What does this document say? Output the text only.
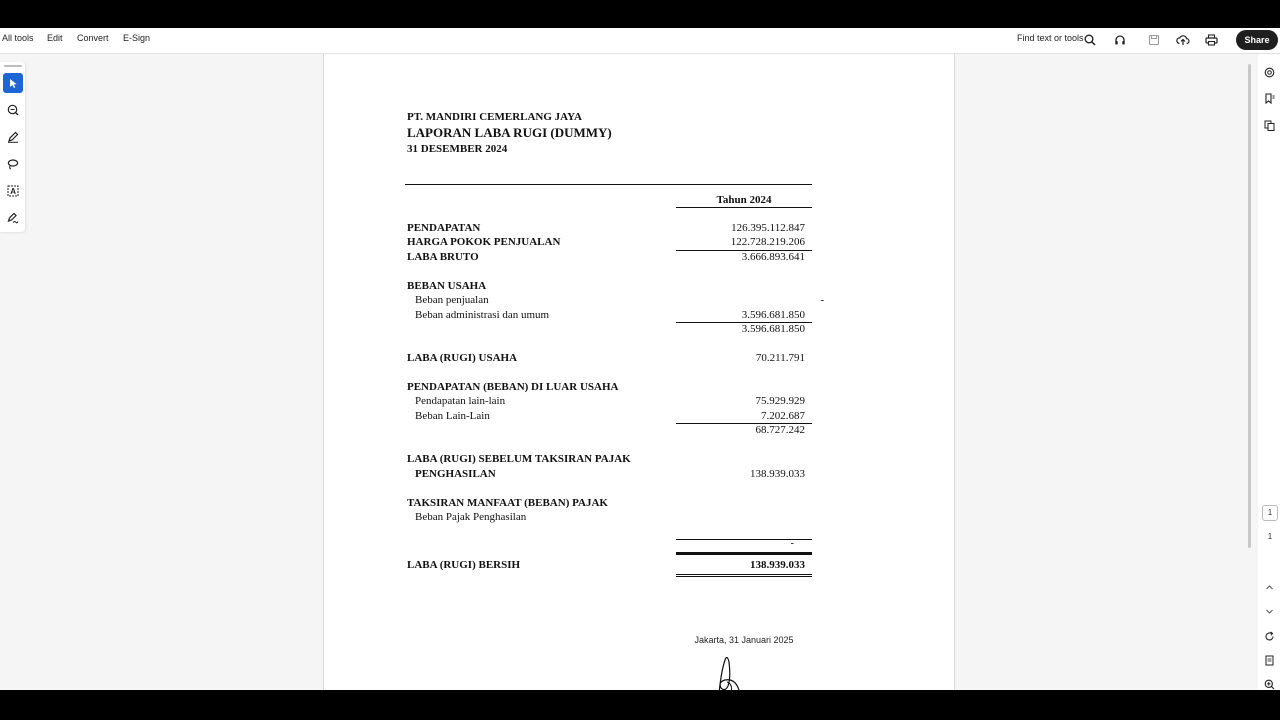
All tools Edit Convert E-Sign	Find text or tools	Share
A
PT. MANDIRI CEMERLANG JAYA
LAPORAN LABA RUGI (DUMMY)
31 DESEMBER 2024
Tahun 2024
PENDAPATAN	126.395.112.847
HARGA POKOK PENJUALAN	122.728.219.206
LABA BRUTO	3.666.893.641
BEBAN USAHA
Beban penjualan	-
Beban administrasi dan umum	3.596.681.850
3.596.681.850
LABA (RUGI) USAHA	70.211.791
PENDAPATAN (BEBAN) DI LUAR USAHA
Pendapatan lain-lain	75.929.929
Beban Lain-Lain	7.202.687
68.727.242
LABA (RUGI) SEBELUM TAKSIRAN PAJAK
PENGHASILAN	138.939.033
TAKSIRAN MANFAAT (BEBAN) PAJAK
Beban Pajak Penghasilan
-
LABA (RUGI) BERSIH	138.939.033
Jakarta, 31 Januari 2025
1
1
